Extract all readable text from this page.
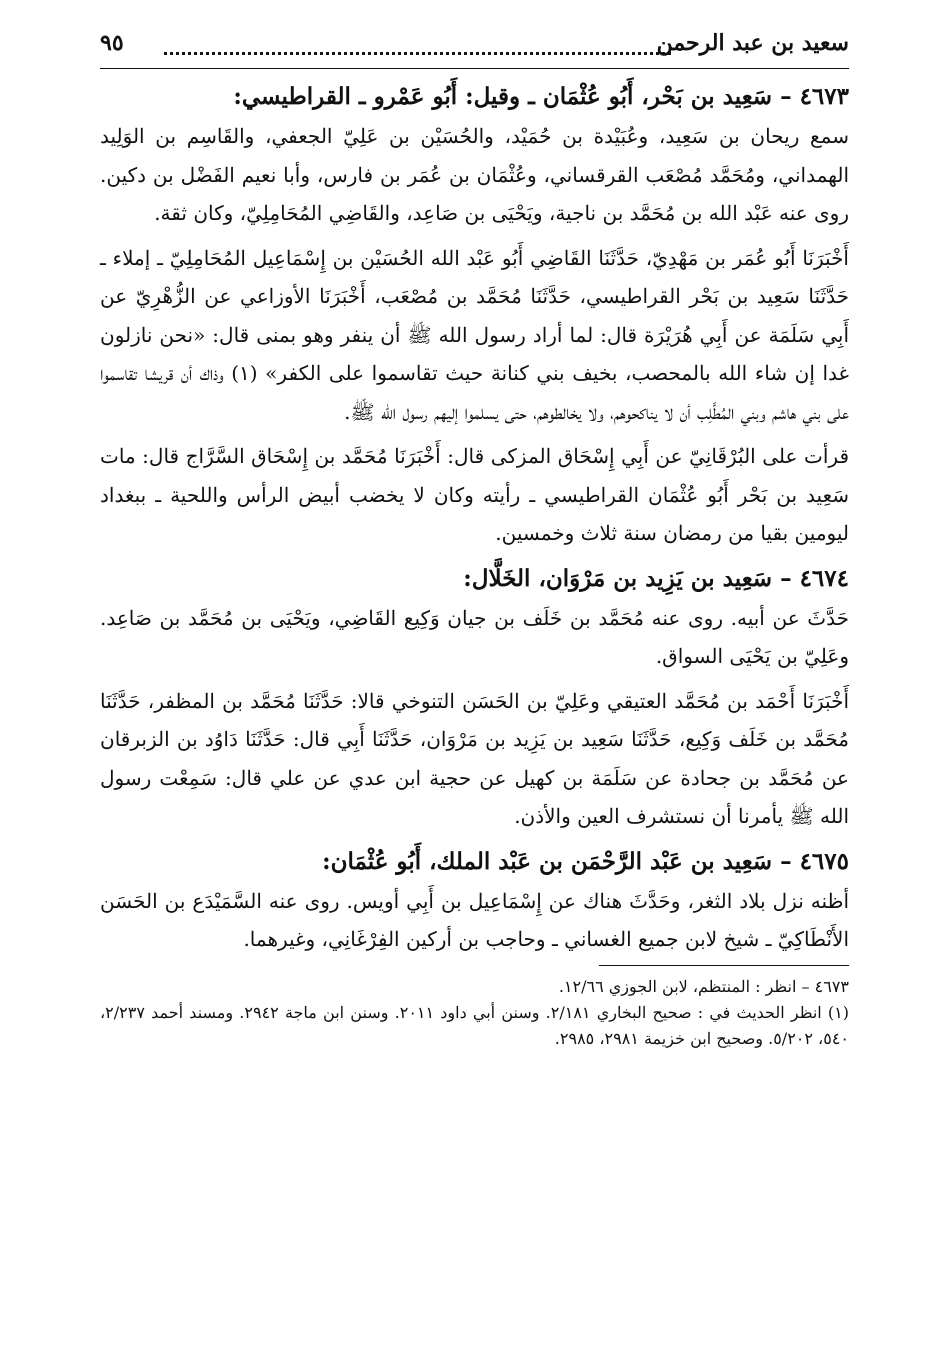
سعيد بن عبد الرحمن
٩٥
٤٦٧٣ –سَعِيد بن بَحْر، أَبُو عُثْمَان ـ وقيل: أَبُو عَمْرو ـ القراطيسي:

سمع ريحان بن سَعِيد، وعُبَيْدة بن حُمَيْد، والحُسَيْن بن عَلِيّ الجعفي، والقَاسِم بن الوَلِيد الهمداني، ومُحَمَّد مُصْعَب القرقساني، وعُثْمَان بن عُمَر بن فارس، وأبا نعيم الفَضْل بن دكين. روى عنه عَبْد الله بن مُحَمَّد بن ناجية، ويَحْيَى بن صَاعِد، والقَاضِي المُحَامِلِيّ، وكان ثقة.

أَخْبَرَنَا أَبُو عُمَر بن مَهْدِيّ، حَدَّثَنَا القَاضِي أَبُو عَبْد الله الحُسَيْن بن إِسْمَاعِيل المُحَامِلِيّ ـ إملاء ـ حَدَّثَنَا سَعِيد بن بَحْر القراطيسي، حَدَّثَنَا مُحَمَّد بن مُصْعَب، أَخْبَرَنَا الأوزاعي عن الزُّهْرِيّ عن أَبِي سَلَمَة عن أَبِي هُرَيْرَة قال: لما أراد رسول الله ﷺ أن ينفر وهو بمنى قال: «نحن نازلون غدا إن شاء الله بالمحصب، بخيف بني كنانة حيث تقاسموا على الكفر» (١) وذاك أن قريشا تقاسموا على بني هاشم وبني المُطَّلِب أن لا يناكحوهم، ولا يخالطوهم، حتى يسلموا إليهم رسول الله ﷺ.

قرأت على البُرْقَانِيّ عن أَبِي إِسْحَاق المزكى قال: أَخْبَرَنَا مُحَمَّد بن إِسْحَاق السَّرَّاج قال: مات سَعِيد بن بَحْر أَبُو عُثْمَان القراطيسي ـ رأيته وكان لا يخضب أبيض الرأس واللحية ـ ببغداد ليومين بقيا من رمضان سنة ثلاث وخمسين.

٤٦٧٤ –سَعِيد بن يَزِيد بن مَرْوَان، الخَلَّال:

حَدَّثَ عن أبيه. روى عنه مُحَمَّد بن خَلَف بن جيان وَكِيع القَاضِي، ويَحْيَى بن مُحَمَّد بن صَاعِد. وعَلِيّ بن يَحْيَى السواق.

أَخْبَرَنَا أَحْمَد بن مُحَمَّد العتيقي وعَلِيّ بن الحَسَن التنوخي قالا: حَدَّثَنَا مُحَمَّد بن المظفر، حَدَّثَنَا مُحَمَّد بن خَلَف وَكِيع، حَدَّثَنَا سَعِيد بن يَزِيد بن مَرْوَان، حَدَّثَنَا أَبِي قال: حَدَّثَنَا دَاوُد بن الزبرقان عن مُحَمَّد بن جحادة عن سَلَمَة بن كهيل عن حجية ابن عدي عن علي قال: سَمِعْت رسول الله ﷺ يأمرنا أن نستشرف العين والأذن.

٤٦٧٥ –سَعِيد بن عَبْد الرَّحْمَن بن عَبْد الملك، أَبُو عُثْمَان:

أظنه نزل بلاد الثغر، وحَدَّثَ هناك عن إِسْمَاعِيل بن أَبِي أويس. روى عنه السَّمَيْدَع بن الحَسَن الأَنْطَاكِيّ ـ شيخ لابن جميع الغساني ـ وحاجب بن أركين الفِرْغَانِي، وغيرهما.

٤٦٧٣ – انظر : المنتظم، لابن الجوزي ١٢/٦٦.

(١) انظر الحديث في : صحيح البخاري ٢/١٨١. وسنن أبي داود ٢٠١١. وسنن ابن ماجة ٢٩٤٢. ومسند أحمد ٢/٢٣٧، ٥٤٠، ٥/٢٠٢. وصحيح ابن خزيمة ٢٩٨١، ٢٩٨٥.
